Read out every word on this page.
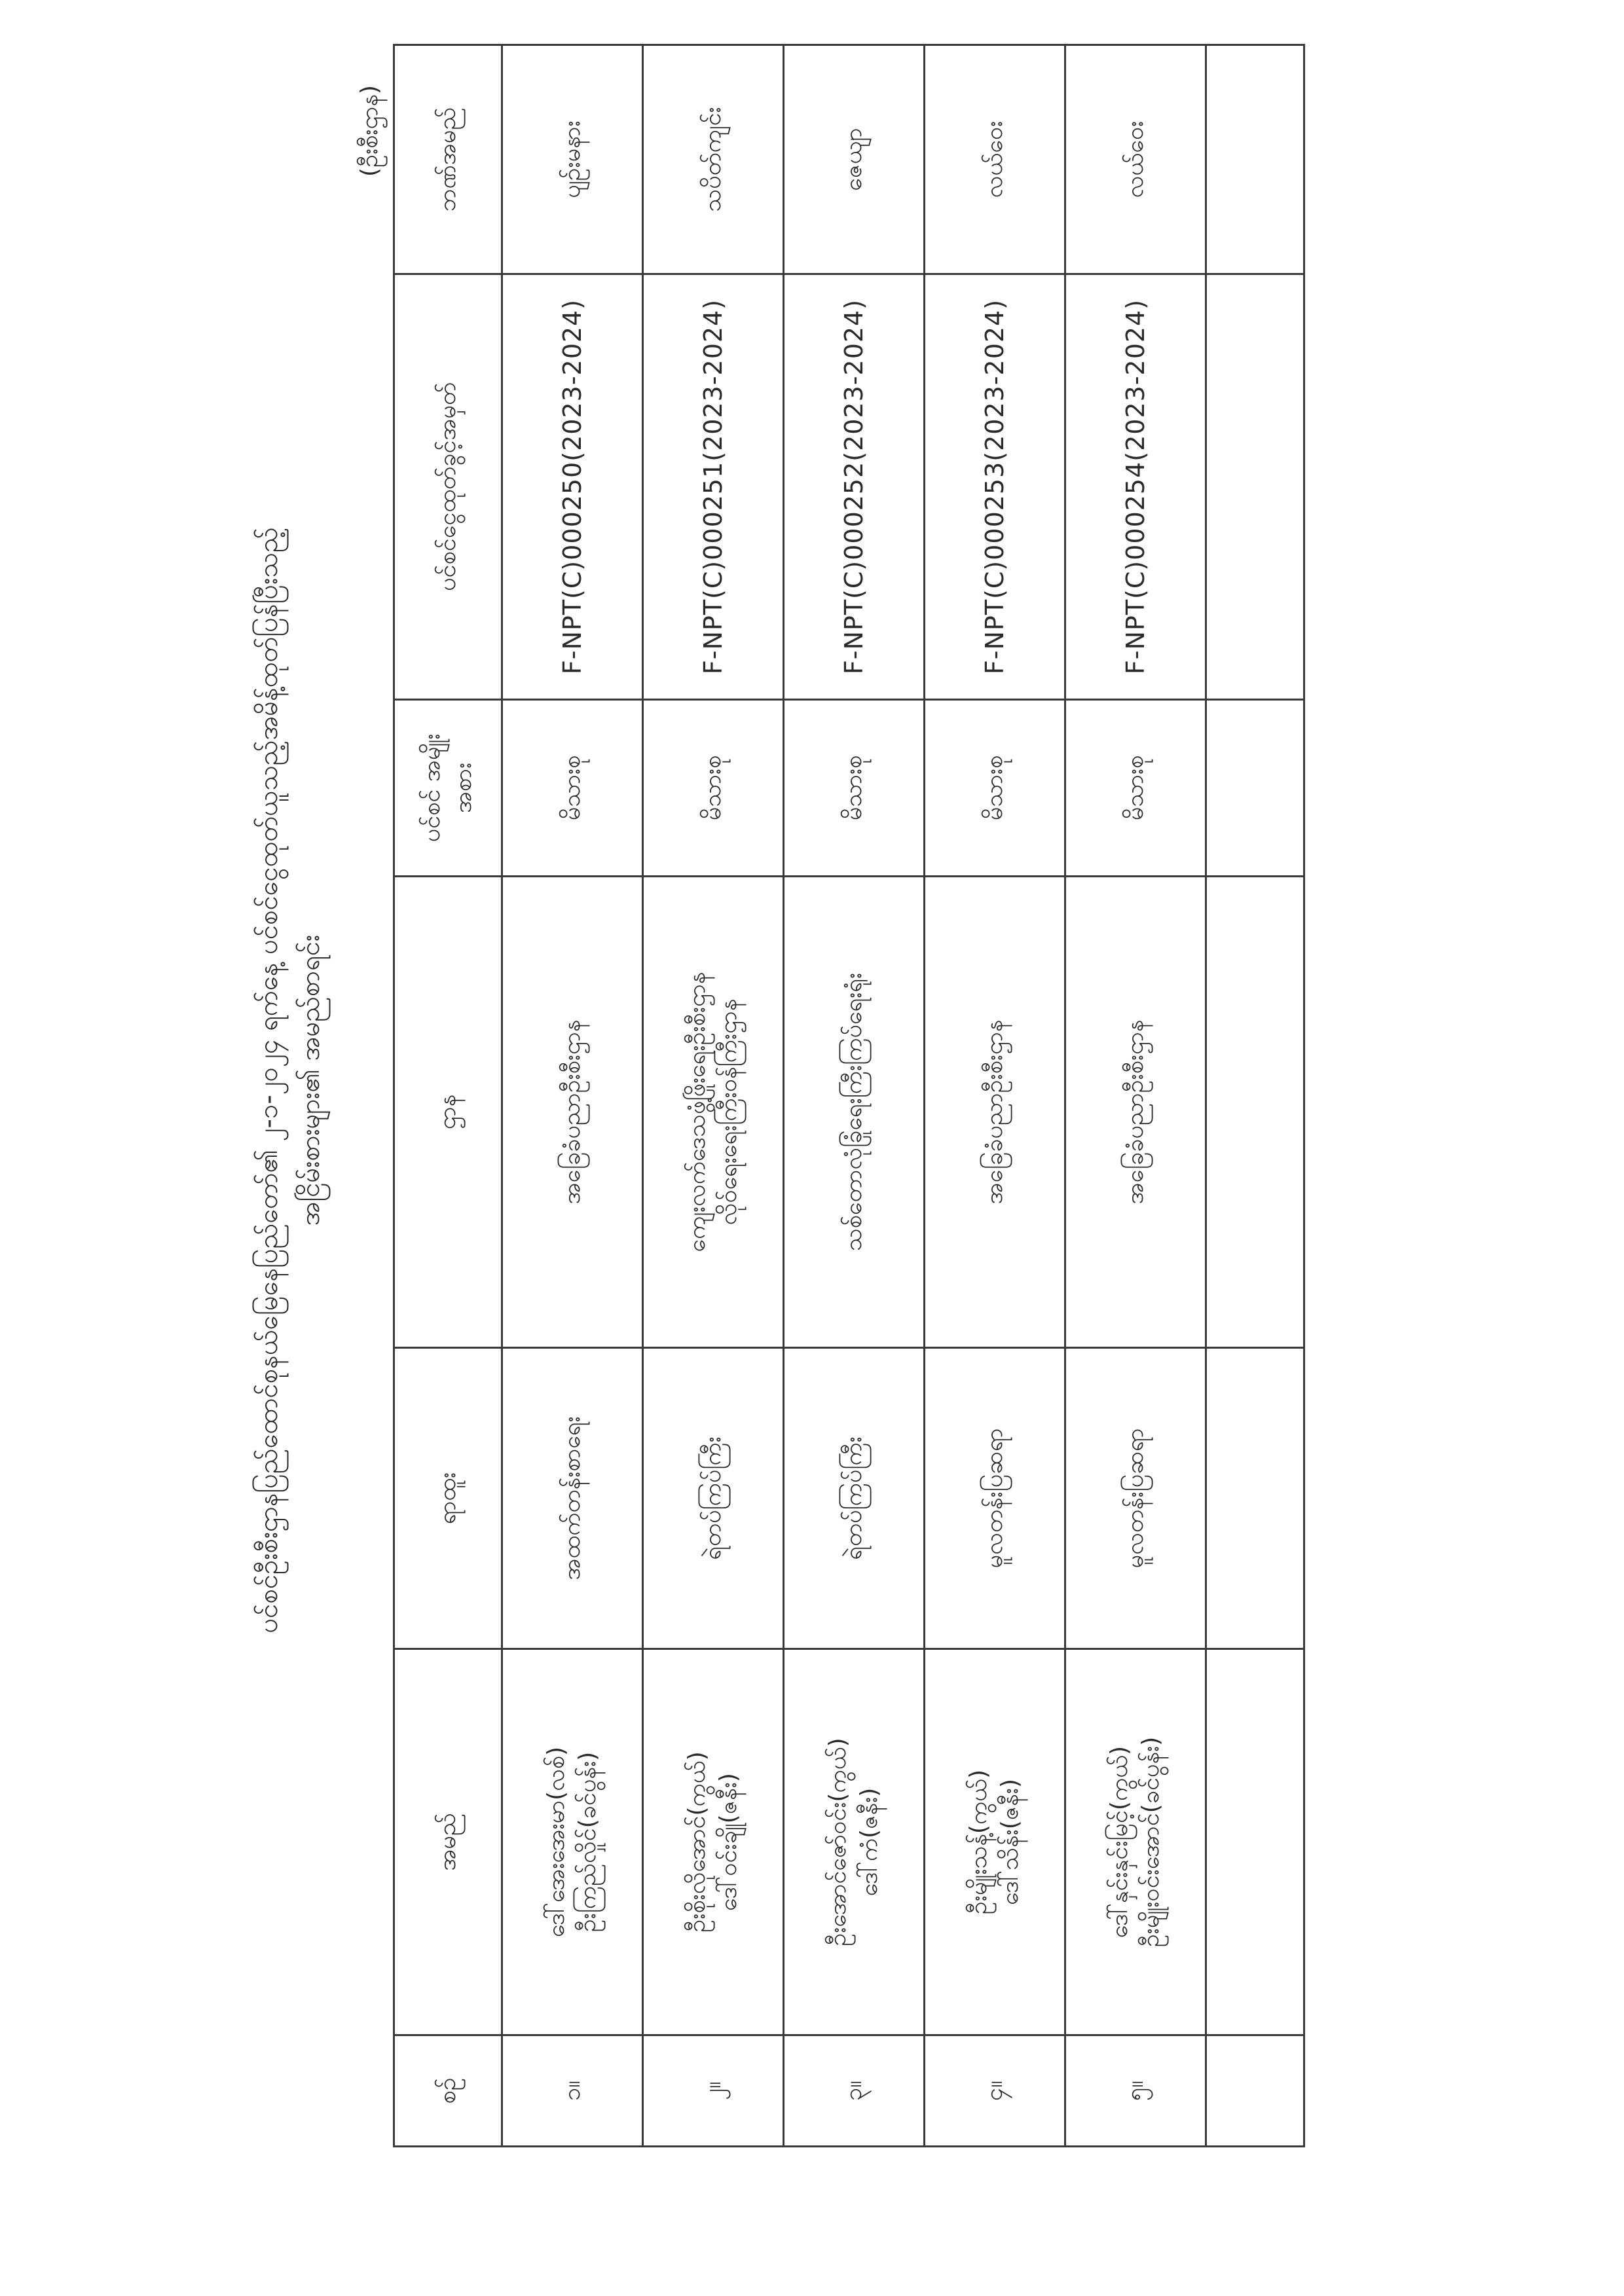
ပင်စင်ဦးစီးဌာနပြည်ထောင်စုနယ်မြေနေပြည်တော်၏ ၂-၁-၂၀၂၄ ရက်နေ့ ပင်စင်ငွေထုတ်ယူသည့်အမိန့်ထုတ်ပြန်ပြီးသည့် အငြိမ်းစားများ၏ အမည်စာရင်း
(ဦးစီးဌာန)
စဉ်	အမည်	ရာထူး	ဌာန	ပင်စင် အမျိုးအစား	ပင်စင်ငွေထုတ်ခွင့်အမှတ်	ဘဏ်အမည်
၁။	ဒေါ်အေးအေးမာ(လစ်) ဦးကြည်လှိုင်(ခင်ပွန်း)	အထက်တန်းစာရေး	အခြေခံပညာဦးစီးဌာန	မိသားစု	F-NPT(C)000250(2023-2024)	ပျဉ်းမနား
၂။	ဦးစိုးလိုအောင်(ကွယ်) ဒေါ်ဝင်းချို(ဇနီး)	ရဲတပ်ကြပ်ကြီး	ကျေးလက်ဒေသဖွံ့ဖြိုးရေးဦးစီးဌာန လိုဝ်ရေးရေးကြီးဝန်ကြီးဌာန	မိသားစု	F-NPT(C)000251(2023-2024)	သပိတ်ကျင်း
၃။	ဦးအောင်ဇော်ဝင်း(ကွယ်) ဒေါ်ကံ(ဇနီး)	ရဲတပ်ကြပ်ကြီး	သစ်တောလုံခြုံရေးကြီးကြပ်ရေးရုံး	မိသားစု	F-NPT(C)000252(2023-2024)	ဇေယျာ
၄။	ဦးမျိုးသန့်(ကွယ်) ဒေါ်သိန်း(ဇနီး)	မူလတန်းပြဆရာ	အခြေခံပညာဦးစီးဌာန	မိသားစု	F-NPT(C)000253(2023-2024)	လယ်ဝေး
၅။	ဒေါ်နှင်းနှင်းမြင့်(ကွယ်) ဦးမျိုးဝင်းအောင်(ခင်ပွန်း)	မူလတန်းပြဆရာ	အခြေခံပညာဦးစီးဌာန	မိသားစု	F-NPT(C)000254(2023-2024)	လယ်ဝေး
